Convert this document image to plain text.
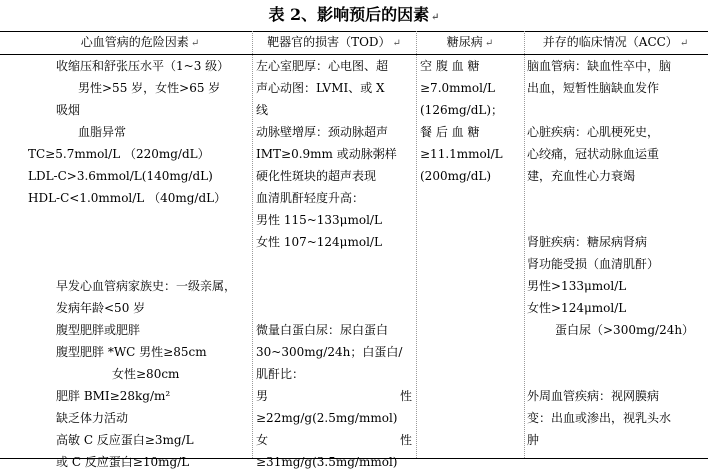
表 2、影响预后的因素 ↵
心血管病的危险因素 ↵
收缩压和舒张压水平（1~3 级）
男性>55 岁，女性>65 岁
吸烟
血脂异常
TC≥5.7mmol/L （220mg/dL）
LDL-C>3.6mmol/L(140mg/dL)
HDL-C<1.0mmol/L （40mg/dL）
早发心血管病家族史：一级亲属，
发病年龄<50 岁
腹型肥胖或肥胖
腹型肥胖 *WC 男性≥85cm
女性≥80cm
肥胖 BMI≥28kg/m²
缺乏体力活动
高敏 C 反应蛋白≥3mg/L
或 C 反应蛋白≥10mg/L
靶器官的损害（TOD） ↵
左心室肥厚：心电图、超
声心动图：LVMI、或 X
线
动脉壁增厚：颈动脉超声
IMT≥0.9mm 或动脉粥样
硬化性斑块的超声表现
血清肌酐轻度升高：
男性 115~133μmol/L
女性 107~124μmol/L
微量白蛋白尿：尿白蛋白
30~300mg/24h；白蛋白/
肌酐比：
男	性
≥22mg/g(2.5mg/mmol)
女	性
≥31mg/g(3.5mg/mmol)
糖尿病 ↵
空 腹 血 糖
≥7.0mmol/L
(126mg/dL)；
餐 后 血 糖
≥11.1mmol/L
(200mg/dL)
并存的临床情况（ACC） ↵
脑血管病：缺血性卒中，脑
出血，短暂性脑缺血发作
心脏疾病：心肌梗死史，
心绞痛，冠状动脉血运重
建，充血性心力衰竭
肾脏疾病：糖尿病肾病
肾功能受损（血清肌酐）
男性>133μmol/L
女性>124μmol/L
蛋白尿（>300mg/24h）
外周血管疾病：视网膜病
变：出血或渗出，视乳头水
肿
